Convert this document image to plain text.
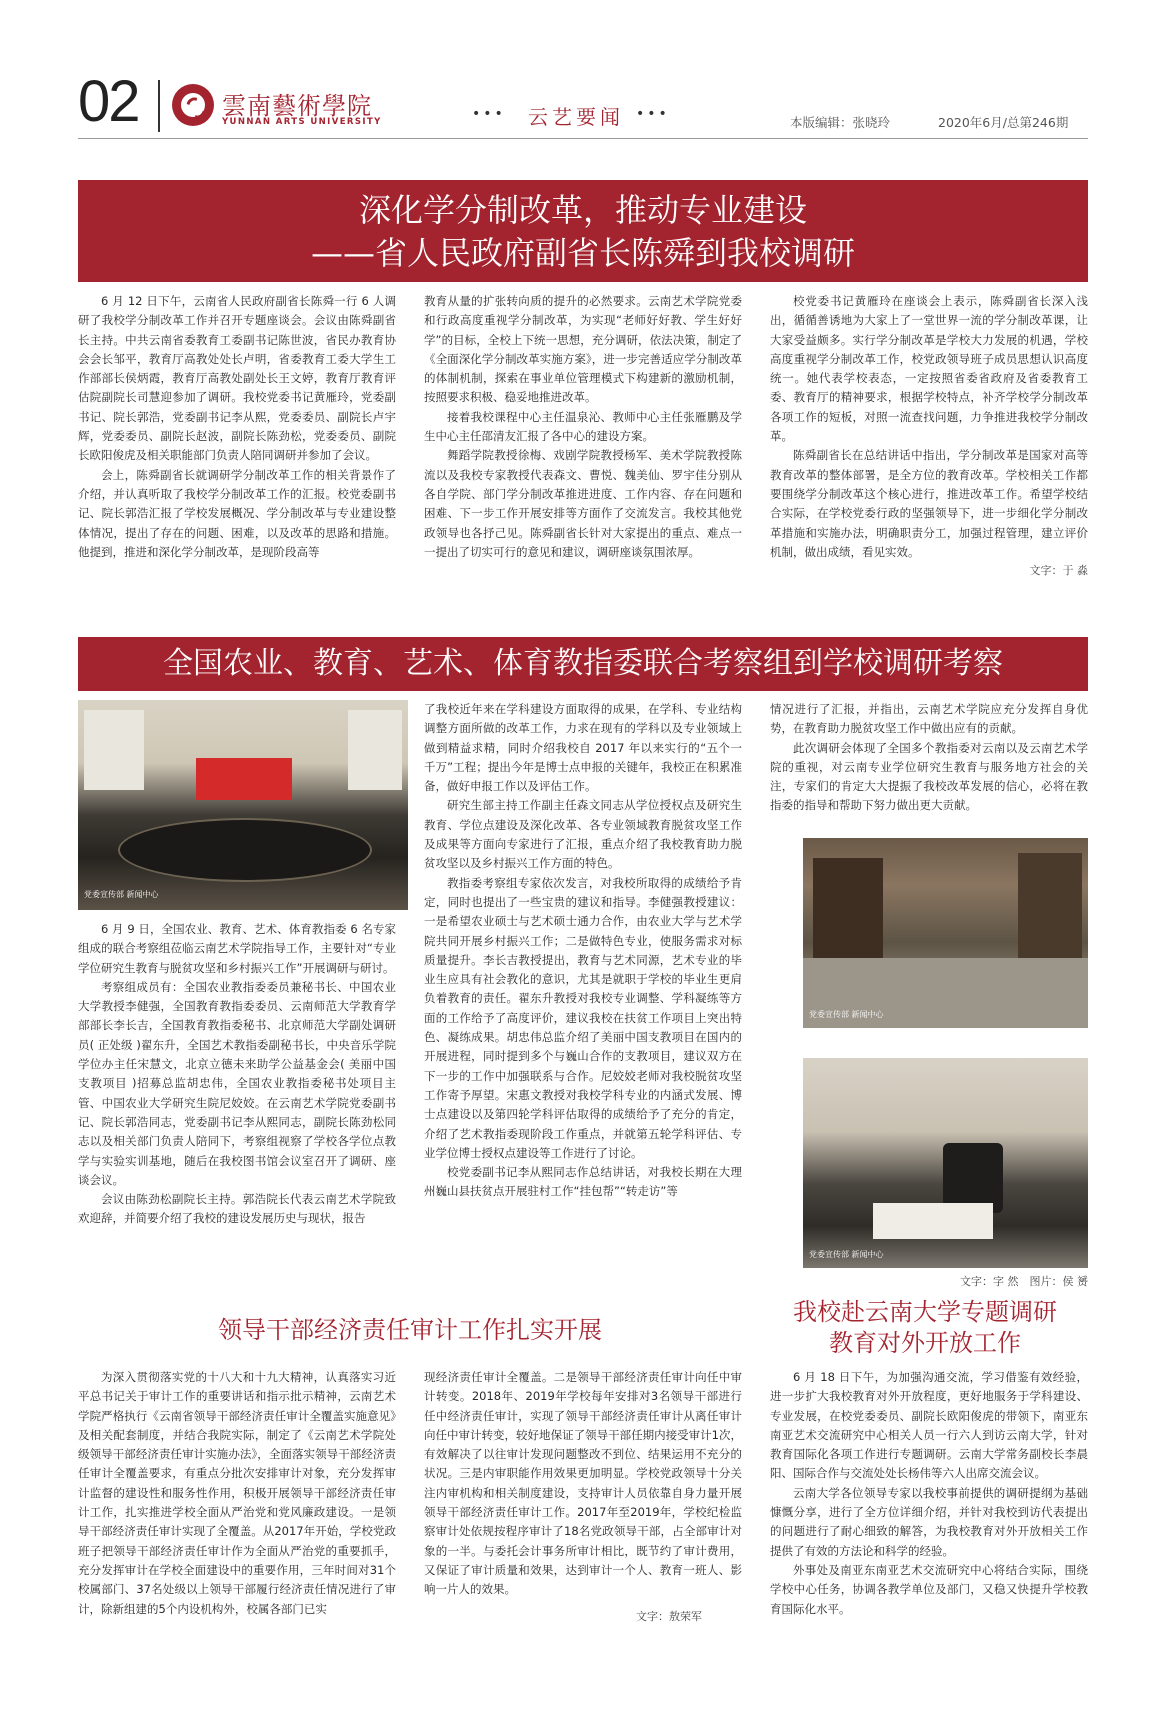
02	雲南藝術學院
YUNNAN ARTS UNIVERSITY	••• 云艺要闻 •••
本版编辑：张晓玲	2020年6月/总第246期
深化学分制改革，推动专业建设
——省人民政府副省长陈舜到我校调研

6 月 12 日下午，云南省人民政府副省长陈舜一行 6 人调研了我校学分制改革工作并召开专题座谈会。会议由陈舜副省长主持。中共云南省委教育工委副书记陈世波，省民办教育协会会长邹平，教育厅高教处处长卢明，省委教育工委大学生工作部部长侯炳霞，教育厅高教处副处长王文婷，教育厅教育评估院副院长司慧迎参加了调研。我校党委书记黄雁玲，党委副书记、院长郭浩，党委副书记李从熙，党委委员、副院长卢宇辉，党委委员、副院长赵波，副院长陈劲松，党委委员、副院长欧阳俊虎及相关职能部门负责人陪同调研并参加了会议。

会上，陈舜副省长就调研学分制改革工作的相关背景作了介绍，并认真听取了我校学分制改革工作的汇报。校党委副书记、院长郭浩汇报了学校发展概况、学分制改革与专业建设整体情况，提出了存在的问题、困难，以及改革的思路和措施。他提到，推进和深化学分制改革，是现阶段高等

教育从量的扩张转向质的提升的必然要求。云南艺术学院党委和行政高度重视学分制改革，为实现“老师好好教、学生好好学”的目标，全校上下统一思想，充分调研，依法决策，制定了《全面深化学分制改革实施方案》，进一步完善适应学分制改革的体制机制，探索在事业单位管理模式下构建新的激励机制，按照要求积极、稳妥地推进改革。

接着我校课程中心主任温泉沁、教师中心主任张雁鹏及学生中心主任邵清友汇报了各中心的建设方案。

舞蹈学院教授徐梅、戏剧学院教授杨军、美术学院教授陈流以及我校专家教授代表森文、曹悦、魏美仙、罗宇佳分别从各自学院、部门学分制改革推进进度、工作内容、存在问题和困难、下一步工作开展安排等方面作了交流发言。我校其他党政领导也各抒己见。陈舜副省长针对大家提出的重点、难点一一提出了切实可行的意见和建议，调研座谈氛围浓厚。

校党委书记黄雁玲在座谈会上表示，陈舜副省长深入浅出，循循善诱地为大家上了一堂世界一流的学分制改革课，让大家受益颇多。实行学分制改革是学校大力发展的机遇，学校高度重视学分制改革工作，校党政领导班子成员思想认识高度统一。她代表学校表态，一定按照省委省政府及省委教育工委、教育厅的精神要求，根据学校特点，补齐学校学分制改革各项工作的短板，对照一流查找问题，力争推进我校学分制改革。

陈舜副省长在总结讲话中指出，学分制改革是国家对高等教育改革的整体部署，是全方位的教育改革。学校相关工作都要围绕学分制改革这个核心进行，推进改革工作。希望学校结合实际，在学校党委行政的坚强领导下，进一步细化学分制改革措施和实施办法，明确职责分工，加强过程管理，建立评价机制，做出成绩，看见实效。

文字：于 淼
全国农业、教育、艺术、体育教指委联合考察组到学校调研考察
党委宣传部 新闻中心

6 月 9 日，全国农业、教育、艺术、体育教指委 6 名专家组成的联合考察组莅临云南艺术学院指导工作，主要针对“专业学位研究生教育与脱贫攻坚和乡村振兴工作”开展调研与研讨。

考察组成员有：全国农业教指委委员兼秘书长、中国农业大学教授李健强，全国教育教指委委员、云南师范大学教育学部部长李长吉，全国教育教指委秘书、北京师范大学副处调研员( 正处级 )翟东升，全国艺术教指委副秘书长，中央音乐学院学位办主任宋慧文，北京立德未来助学公益基金会( 美丽中国支教项目 )招募总监胡忠伟，全国农业教指委秘书处项目主管、中国农业大学研究生院尼姣姣。在云南艺术学院党委副书记、院长郭浩同志，党委副书记李从熙同志，副院长陈劲松同志以及相关部门负责人陪同下，考察组视察了学校各学位点教学与实验实训基地，随后在我校图书馆会议室召开了调研、座谈会议。

会议由陈劲松副院长主持。郭浩院长代表云南艺术学院致欢迎辞，并简要介绍了我校的建设发展历史与现状，报告

了我校近年来在学科建设方面取得的成果，在学科、专业结构调整方面所做的改革工作，力求在现有的学科以及专业领域上做到精益求精，同时介绍我校自 2017 年以来实行的“五个一千万”工程；提出今年是博士点申报的关键年，我校正在积累准备，做好申报工作以及评估工作。

研究生部主持工作副主任森文同志从学位授权点及研究生教育、学位点建设及深化改革、各专业领域教育脱贫攻坚工作及成果等方面向专家进行了汇报，重点介绍了我校教育助力脱贫攻坚以及乡村振兴工作方面的特色。

教指委考察组专家依次发言，对我校所取得的成绩给予肯定，同时也提出了一些宝贵的建议和指导。李健强教授建议：一是希望农业硕士与艺术硕士通力合作，由农业大学与艺术学院共同开展乡村振兴工作；二是做特色专业，使服务需求对标质量提升。李长吉教授提出，教育与艺术同源，艺术专业的毕业生应具有社会教化的意识，尤其是就职于学校的毕业生更肩负着教育的责任。翟东升教授对我校专业调整、学科凝练等方面的工作给予了高度评价，建议我校在扶贫工作项目上突出特色、凝练成果。胡忠伟总监介绍了美丽中国支教项目在国内的开展进程，同时提到多个与巍山合作的支教项目，建议双方在下一步的工作中加强联系与合作。尼姣姣老师对我校脱贫攻坚工作寄予厚望。宋惠文教授对我校学科专业的内涵式发展、博士点建设以及第四轮学科评估取得的成绩给予了充分的肯定，介绍了艺术教指委现阶段工作重点，并就第五轮学科评估、专业学位博士授权点建设等工作进行了讨论。

校党委副书记李从熙同志作总结讲话，对我校长期在大理州巍山县扶贫点开展驻村工作“挂包帮”“转走访”等

情况进行了汇报，并指出，云南艺术学院应充分发挥自身优势，在教育助力脱贫攻坚工作中做出应有的贡献。

此次调研会体现了全国多个教指委对云南以及云南艺术学院的重视，对云南专业学位研究生教育与服务地方社会的关注，专家们的肯定大大提振了我校改革发展的信心，必将在教指委的指导和帮助下努力做出更大贡献。

党委宣传部 新闻中心
党委宣传部 新闻中心
文字：字 然　图片：侯 赟
领导干部经济责任审计工作扎实开展

为深入贯彻落实党的十八大和十九大精神，认真落实习近平总书记关于审计工作的重要讲话和指示批示精神，云南艺术学院严格执行《云南省领导干部经济责任审计全覆盖实施意见》及相关配套制度，并结合我院实际，制定了《云南艺术学院处级领导干部经济责任审计实施办法》，全面落实领导干部经济责任审计全覆盖要求，有重点分批次安排审计对象，充分发挥审计监督的建设性和服务性作用，积极开展领导干部经济责任审计工作，扎实推进学校全面从严治党和党风廉政建设。一是领导干部经济责任审计实现了全覆盖。从2017年开始，学校党政班子把领导干部经济责任审计作为全面从严治党的重要抓手，充分发挥审计在学校全面建设中的重要作用，三年时间对31个校属部门、37名处级以上领导干部履行经济责任情况进行了审计，除新组建的5个内设机构外，校属各部门已实

现经济责任审计全覆盖。二是领导干部经济责任审计向任中审计转变。2018年、2019年学校每年安排对3名领导干部进行任中经济责任审计，实现了领导干部经济责任审计从离任审计向任中审计转变，较好地保证了领导干部任期内接受审计1次，有效解决了以往审计发现问题整改不到位、结果运用不充分的状况。三是内审职能作用效果更加明显。学校党政领导十分关注内审机构和相关制度建设，支持审计人员依靠自身力量开展领导干部经济责任审计工作。2017年至2019年，学校纪检监察审计处依规按程序审计了18名党政领导干部，占全部审计对象的一半。与委托会计事务所审计相比，既节约了审计费用，又保证了审计质量和效果，达到审计一个人、教育一班人、影响一片人的效果。

文字：敖荣军
我校赴云南大学专题调研
教育对外开放工作

6 月 18 日下午，为加强沟通交流，学习借鉴有效经验，进一步扩大我校教育对外开放程度，更好地服务于学科建设、专业发展，在校党委委员、副院长欧阳俊虎的带领下，南亚东南亚艺术交流研究中心相关人员一行六人到访云南大学，针对教育国际化各项工作进行专题调研。云南大学常务副校长李晨阳、国际合作与交流处处长杨伟等六人出席交流会议。

云南大学各位领导专家以我校事前提供的调研提纲为基础慷慨分享，进行了全方位详细介绍，并针对我校到访代表提出的问题进行了耐心细致的解答，为我校教育对外开放相关工作提供了有效的方法论和科学的经验。

外事处及南亚东南亚艺术交流研究中心将结合实际，围绕学校中心任务，协调各教学单位及部门，又稳又快提升学校教育国际化水平。
